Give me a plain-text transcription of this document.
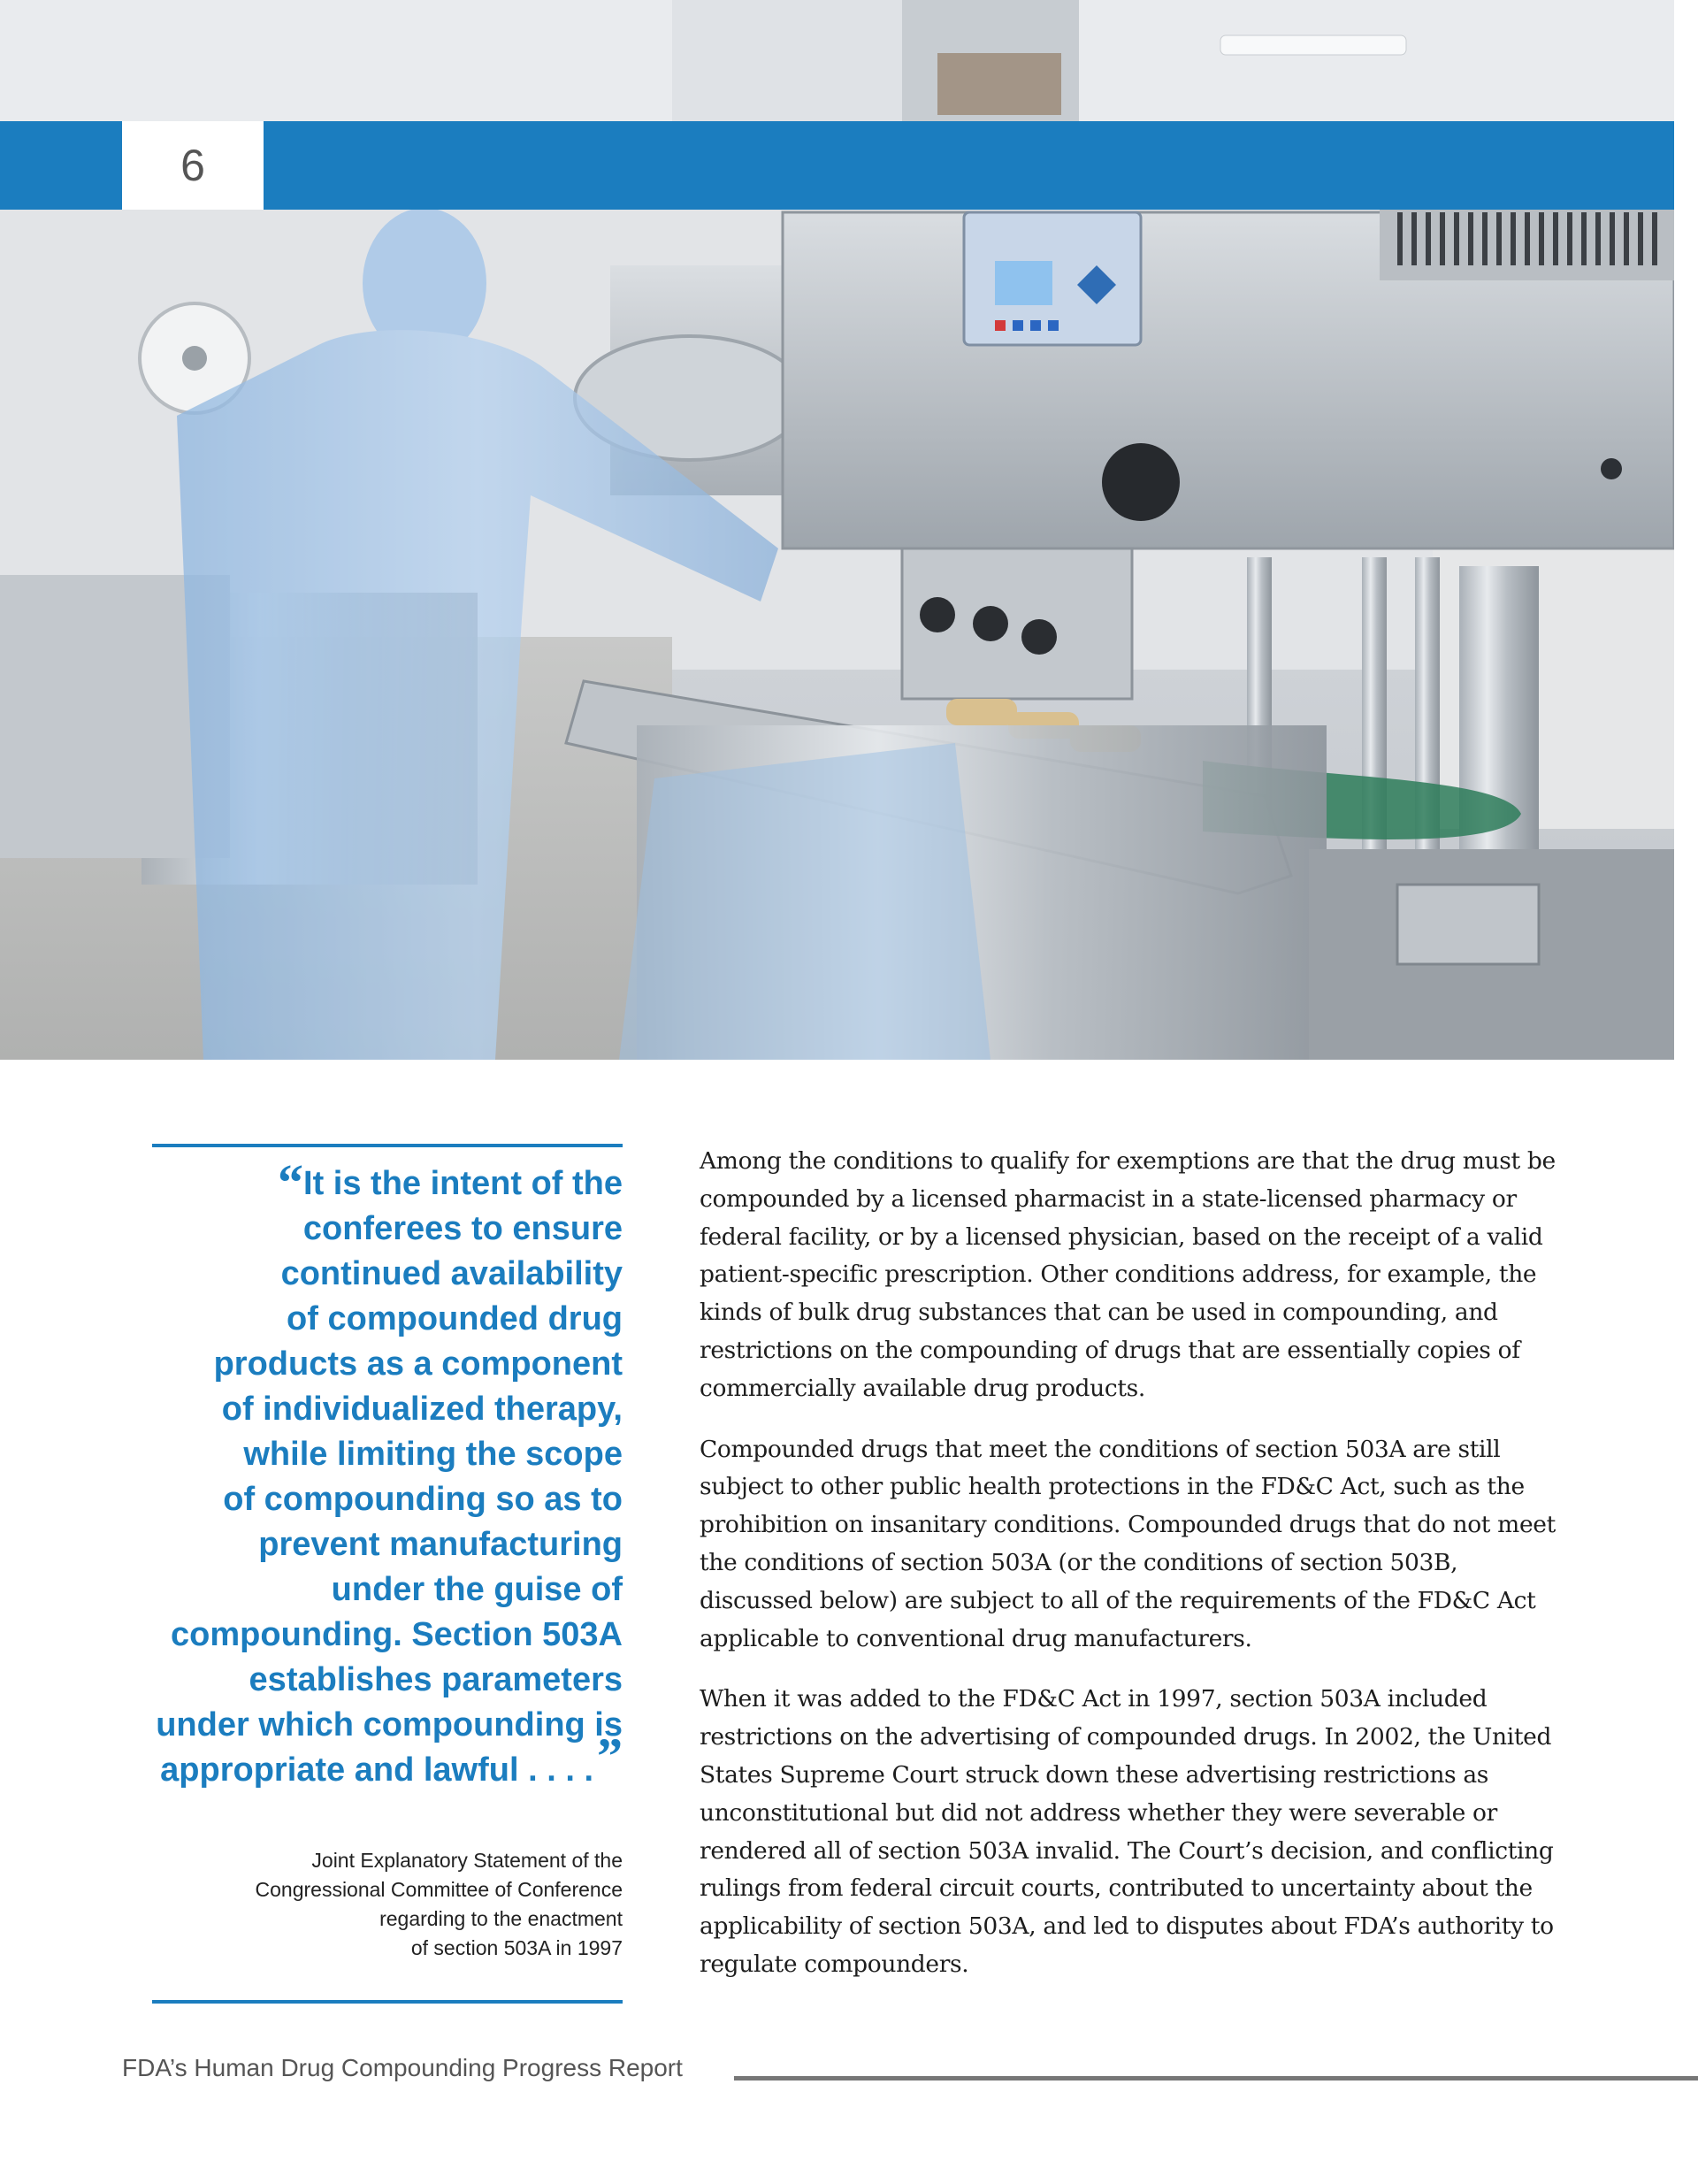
6

“It is the intent of the
conferees to ensure
continued availability
of compounded drug
products as a component
of individualized therapy,
while limiting the scope
of compounding so as to
prevent manufacturing
under the guise of
compounding. Section 503A
establishes parameters
under which compounding is
appropriate and lawful . . . .”

Joint Explanatory Statement of the
Congressional Committee of Conference
regarding to the enactment
of section 503A in 1997

Among the conditions to qualify for exemptions are that the drug must be compounded by a licensed pharmacist in a state-licensed pharmacy or federal facility, or by a licensed physician, based on the receipt of a valid patient-specific prescription. Other conditions address, for example, the kinds of bulk drug substances that can be used in compounding, and restrictions on the compounding of drugs that are essentially copies of commercially available drug products.

Compounded drugs that meet the conditions of section 503A are still subject to other public health protections in the FD&C Act, such as the prohibition on insanitary conditions. Compounded drugs that do not meet the conditions of section 503A (or the conditions of section 503B, discussed below) are subject to all of the requirements of the FD&C Act applicable to conventional drug manufacturers.

When it was added to the FD&C Act in 1997, section 503A included restrictions on the advertising of compounded drugs. In 2002, the United States Supreme Court struck down these advertising restrictions as unconstitutional but did not address whether they were severable or rendered all of section 503A invalid. The Court’s decision, and conflicting rulings from federal circuit courts, contributed to uncertainty about the applicability of section 503A, and led to disputes about FDA’s authority to regulate compounders.

FDA’s Human Drug Compounding Progress Report
